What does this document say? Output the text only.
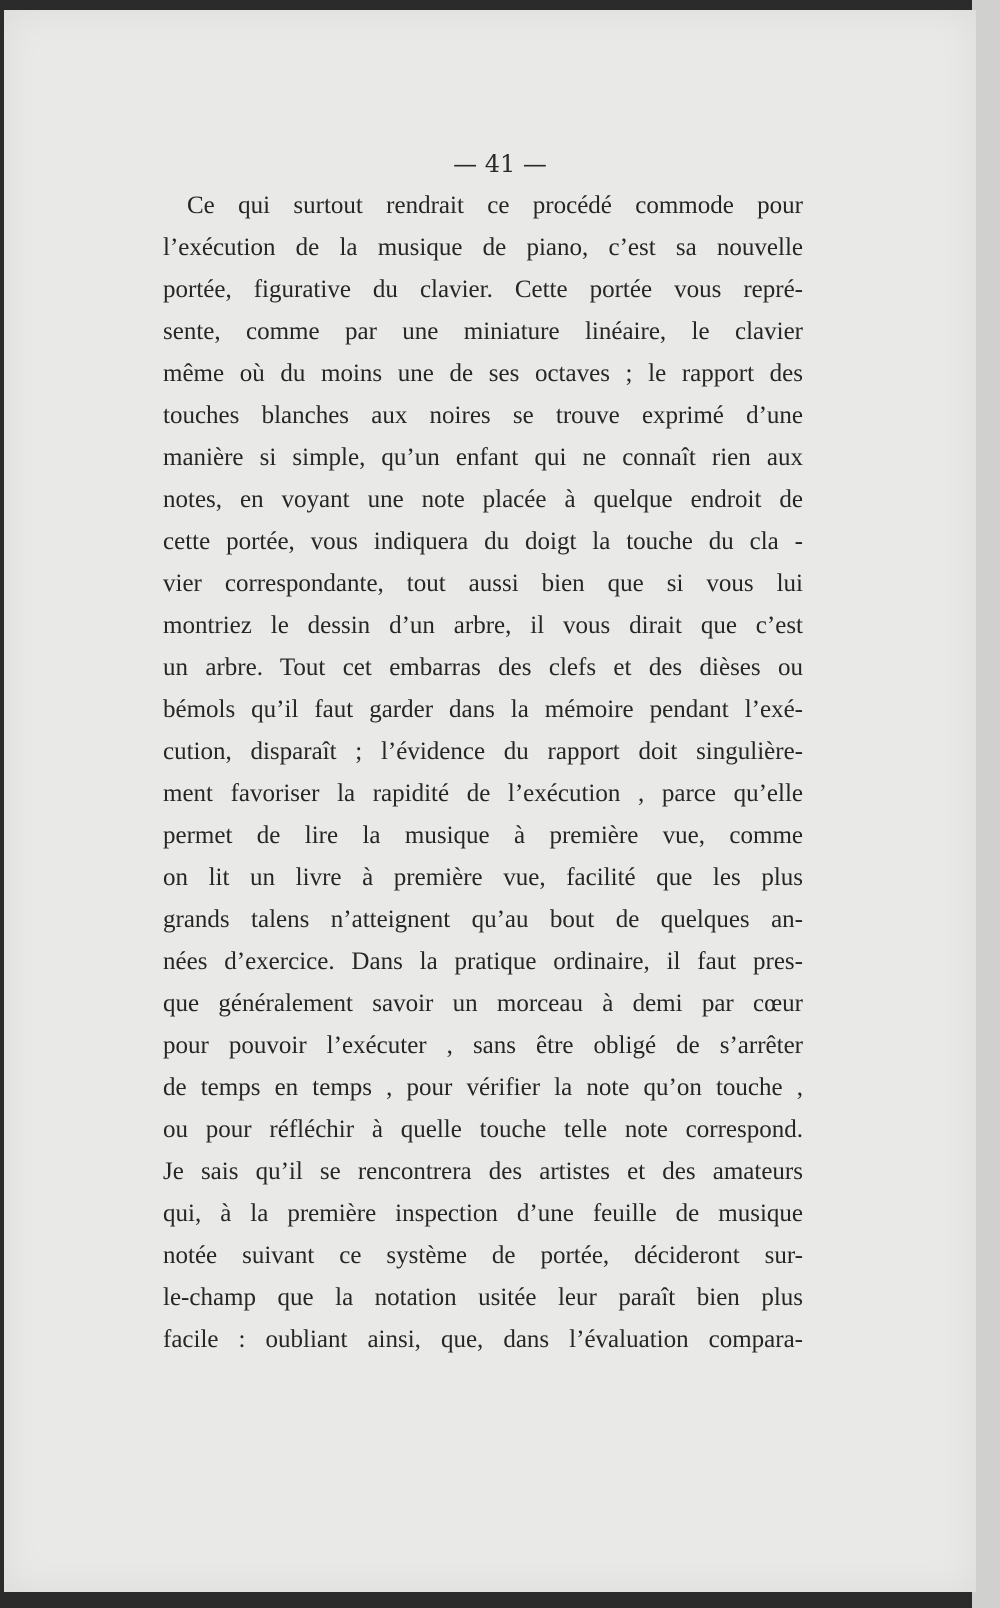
— 41 —
Ce qui surtout rendrait ce procédé commode pour
l’exécution de la musique de piano, c’est sa nouvelle
portée, figurative du clavier. Cette portée vous repré-
sente, comme par une miniature linéaire, le clavier
même où du moins une de ses octaves ; le rapport des
touches blanches aux noires se trouve exprimé d’une
manière si simple, qu’un enfant qui ne connaît rien aux
notes, en voyant une note placée à quelque endroit de
cette portée, vous indiquera du doigt la touche du cla -
vier correspondante, tout aussi bien que si vous lui
montriez le dessin d’un arbre, il vous dirait que c’est
un arbre. Tout cet embarras des clefs et des dièses ou
bémols qu’il faut garder dans la mémoire pendant l’exé-
cution, disparaît ; l’évidence du rapport doit singulière-
ment favoriser la rapidité de l’exécution , parce qu’elle
permet de lire la musique à première vue, comme
on lit un livre à première vue, facilité que les plus
grands talens n’atteignent qu’au bout de quelques an-
nées d’exercice. Dans la pratique ordinaire, il faut pres-
que généralement savoir un morceau à demi par cœur
pour pouvoir l’exécuter , sans être obligé de s’arrêter
de temps en temps , pour vérifier la note qu’on touche ,
ou pour réfléchir à quelle touche telle note correspond.
Je sais qu’il se rencontrera des artistes et des amateurs
qui, à la première inspection d’une feuille de musique
notée suivant ce système de portée, décideront sur-
le-champ que la notation usitée leur paraît bien plus
facile : oubliant ainsi, que, dans l’évaluation compara-
